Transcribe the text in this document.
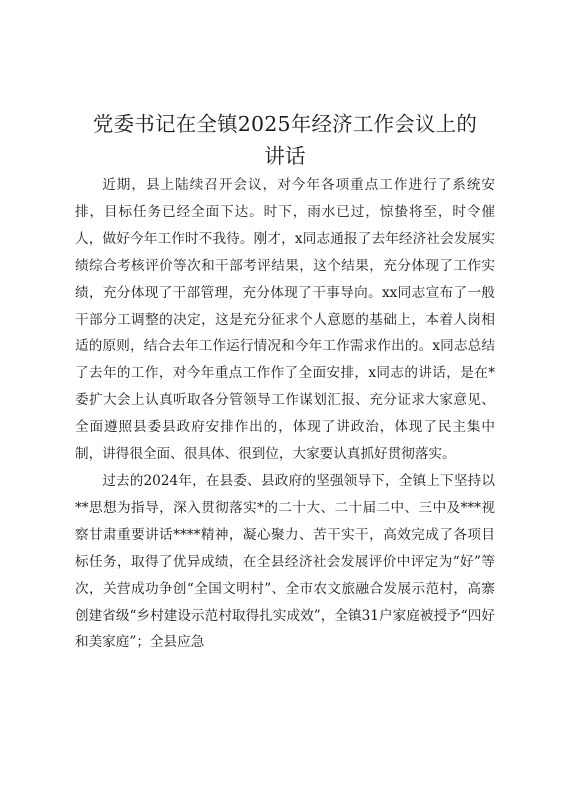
党委书记在全镇2025年经济工作会议上的
讲话

近期，县上陆续召开会议，对今年各项重点工作进行了系统安排，目标任务已经全面下达。时下，雨水已过，惊蛰将至，时令催人，做好今年工作时不我待。刚才，x同志通报了去年经济社会发展实绩综合考核评价等次和干部考评结果，这个结果，充分体现了工作实绩，充分体现了干部管理，充分体现了干事导向。xx同志宣布了一般干部分工调整的决定，这是充分征求个人意愿的基础上，本着人岗相适的原则，结合去年工作运行情况和今年工作需求作出的。x同志总结了去年的工作，对今年重点工作作了全面安排，x同志的讲话，是在*委扩大会上认真听取各分管领导工作谋划汇报、充分证求大家意见、全面遵照县委县政府安排作出的，体现了讲政治，体现了民主集中制，讲得很全面、很具体、很到位，大家要认真抓好贯彻落实。

过去的2024年，在县委、县政府的坚强领导下，全镇上下坚持以**思想为指导，深入贯彻落实*的二十大、二十届二中、三中及***视察甘肃重要讲话****精神，凝心聚力、苦干实干，高效完成了各项目标任务，取得了优异成绩，在全县经济社会发展评价中评定为“好”等次，关营成功争创“全国文明村”、全市农文旅融合发展示范村，高寨创建省级“乡村建设示范村取得扎实成效”，全镇31户家庭被授予“四好和美家庭”；全县应急
